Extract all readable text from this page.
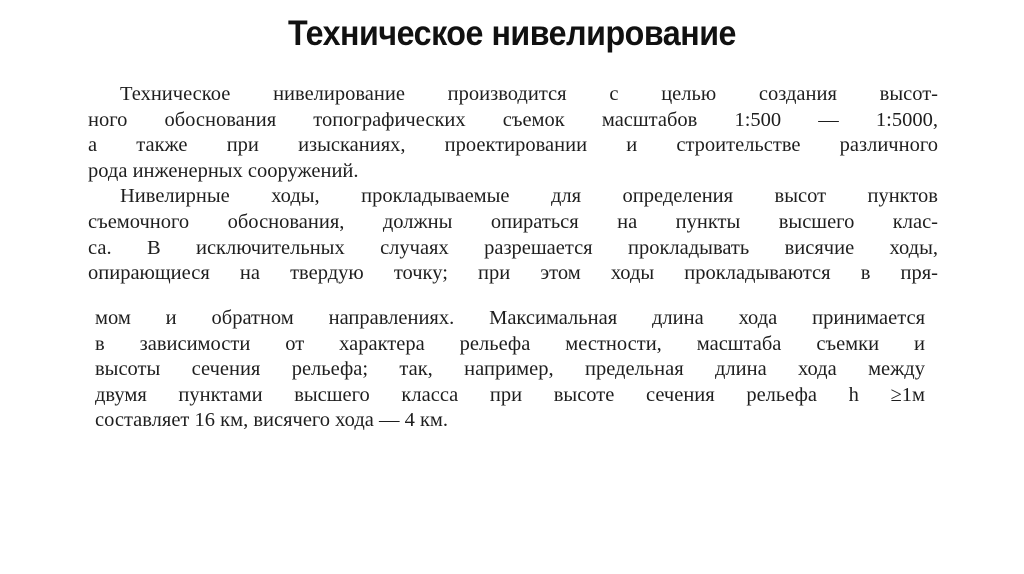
Техническое нивелирование
Техническое нивелирование производится с целью создания высот-
ного обоснования топографических съемок масштабов 1:500 — 1:5000,
а также при изысканиях, проектировании и строительстве различного
рода инженерных сооружений.
Нивелирные ходы, прокладываемые для определения высот пунктов
съемочного обоснования, должны опираться на пункты высшего клас-
са. В исключительных случаях разрешается прокладывать висячие ходы,
опирающиеся на твердую точку; при этом ходы прокладываются в пря-
мом и обратном направлениях. Максимальная длина хода принимается
в зависимости от характера рельефа местности, масштаба съемки и
высоты сечения рельефа; так, например, предельная длина хода между
двумя пунктами высшего класса при высоте сечения рельефа h ≥1м
составляет 16 км, висячего хода — 4 км.
